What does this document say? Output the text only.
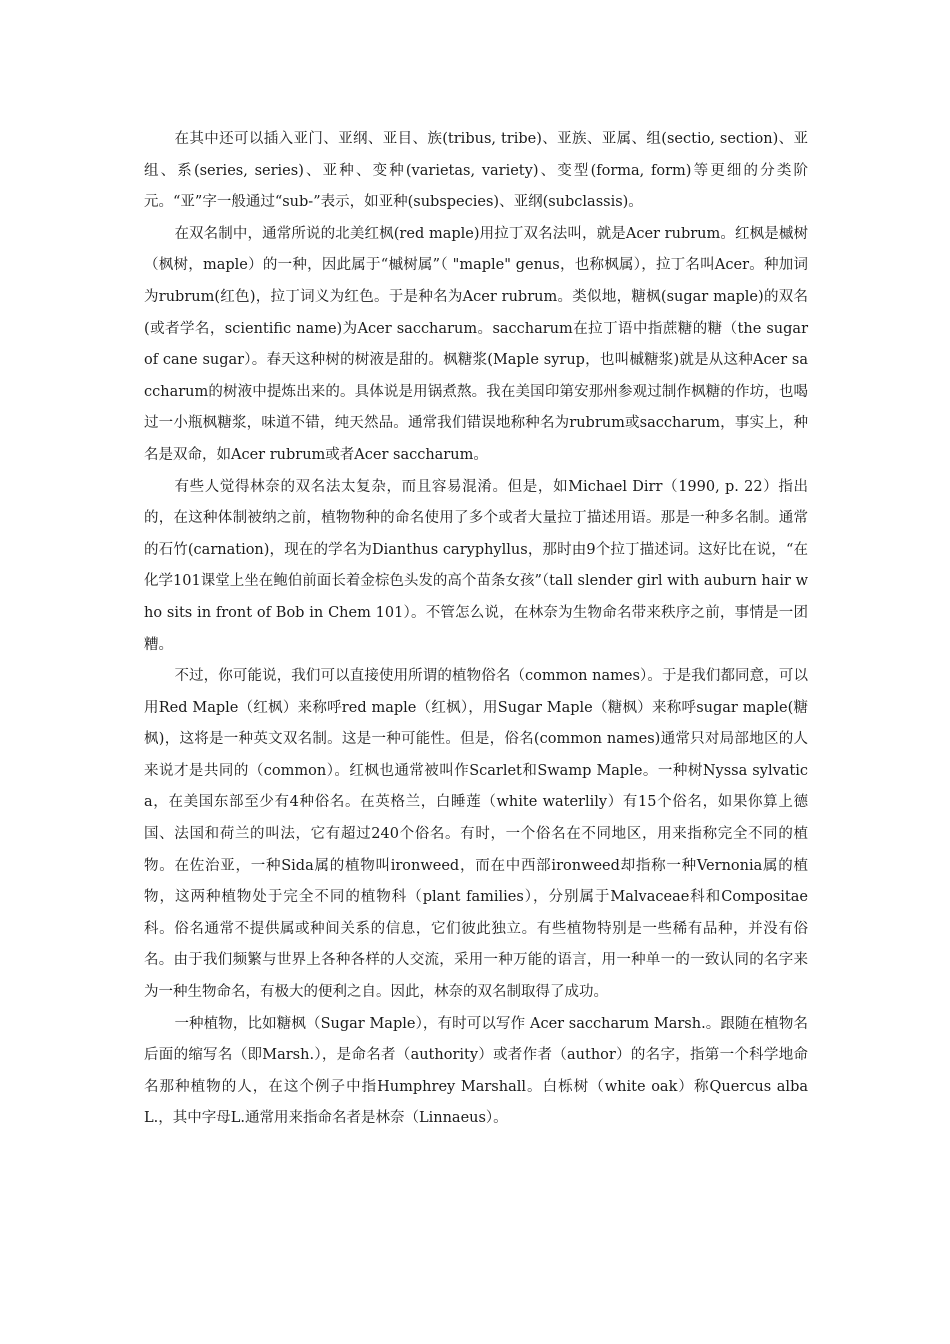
在其中还可以插入亚门、亚纲、亚目、族(tribus, tribe)、亚族、亚属、组(sectio, section)、亚组、系(series, series)、亚种、变种(varietas, variety)、变型(forma, form)等更细的分类阶元。“亚”字一般通过“sub-”表示，如亚种(subspecies)、亚纲(subclassis)。

在双名制中，通常所说的北美红枫(red maple)用拉丁双名法叫，就是Acer rubrum。红枫是槭树（枫树，maple）的一种，因此属于“槭树属”（ "maple" genus，也称枫属），拉丁名叫Acer。种加词为rubrum(红色)，拉丁词义为红色。于是种名为Acer rubrum。类似地，糖枫(sugar maple)的双名(或者学名，scientific name)为Acer saccharum。saccharum在拉丁语中指蔗糖的糖（the sugar of cane sugar）。春天这种树的树液是甜的。枫糖浆(Maple syrup，也叫槭糖浆)就是从这种Acer saccharum的树液中提炼出来的。具体说是用锅煮熬。我在美国印第安那州参观过制作枫糖的作坊，也喝过一小瓶枫糖浆，味道不错，纯天然品。通常我们错误地称种名为rubrum或saccharum，事实上，种名是双命，如Acer rubrum或者Acer saccharum。

有些人觉得林奈的双名法太复杂，而且容易混淆。但是，如Michael Dirr（1990, p. 22）指出的，在这种体制被纳之前，植物物种的命名使用了多个或者大量拉丁描述用语。那是一种多名制。通常的石竹(carnation)，现在的学名为Dianthus caryphyllus，那时由9个拉丁描述词。这好比在说，“在化学101课堂上坐在鲍伯前面长着金棕色头发的高个苗条女孩”（tall slender girl with auburn hair who sits in front of Bob in Chem 101）。不管怎么说，在林奈为生物命名带来秩序之前，事情是一团糟。

不过，你可能说，我们可以直接使用所谓的植物俗名（common names）。于是我们都同意，可以用Red Maple（红枫）来称呼red maple（红枫），用Sugar Maple（糖枫）来称呼sugar maple(糖枫)，这将是一种英文双名制。这是一种可能性。但是，俗名(common names)通常只对局部地区的人来说才是共同的（common）。红枫也通常被叫作Scarlet和Swamp Maple。一种树Nyssa sylvatica，在美国东部至少有4种俗名。在英格兰，白睡莲（white waterlily）有15个俗名，如果你算上德国、法国和荷兰的叫法，它有超过240个俗名。有时，一个俗名在不同地区，用来指称完全不同的植物。在佐治亚，一种Sida属的植物叫ironweed，而在中西部ironweed却指称一种Vernonia属的植物，这两种植物处于完全不同的植物科（plant families），分别属于Malvaceae科和Compositae科。俗名通常不提供属或种间关系的信息，它们彼此独立。有些植物特别是一些稀有品种，并没有俗名。由于我们频繁与世界上各种各样的人交流，采用一种万能的语言，用一种单一的一致认同的名字来为一种生物命名，有极大的便利之自。因此，林奈的双名制取得了成功。

一种植物，比如糖枫（Sugar Maple），有时可以写作 Acer saccharum Marsh.。跟随在植物名后面的缩写名（即Marsh.），是命名者（authority）或者作者（author）的名字，指第一个科学地命名那种植物的人，在这个例子中指Humphrey Marshall。白栎树（white oak）称Quercus alba L.，其中字母L.通常用来指命名者是林奈（Linnaeus）。
